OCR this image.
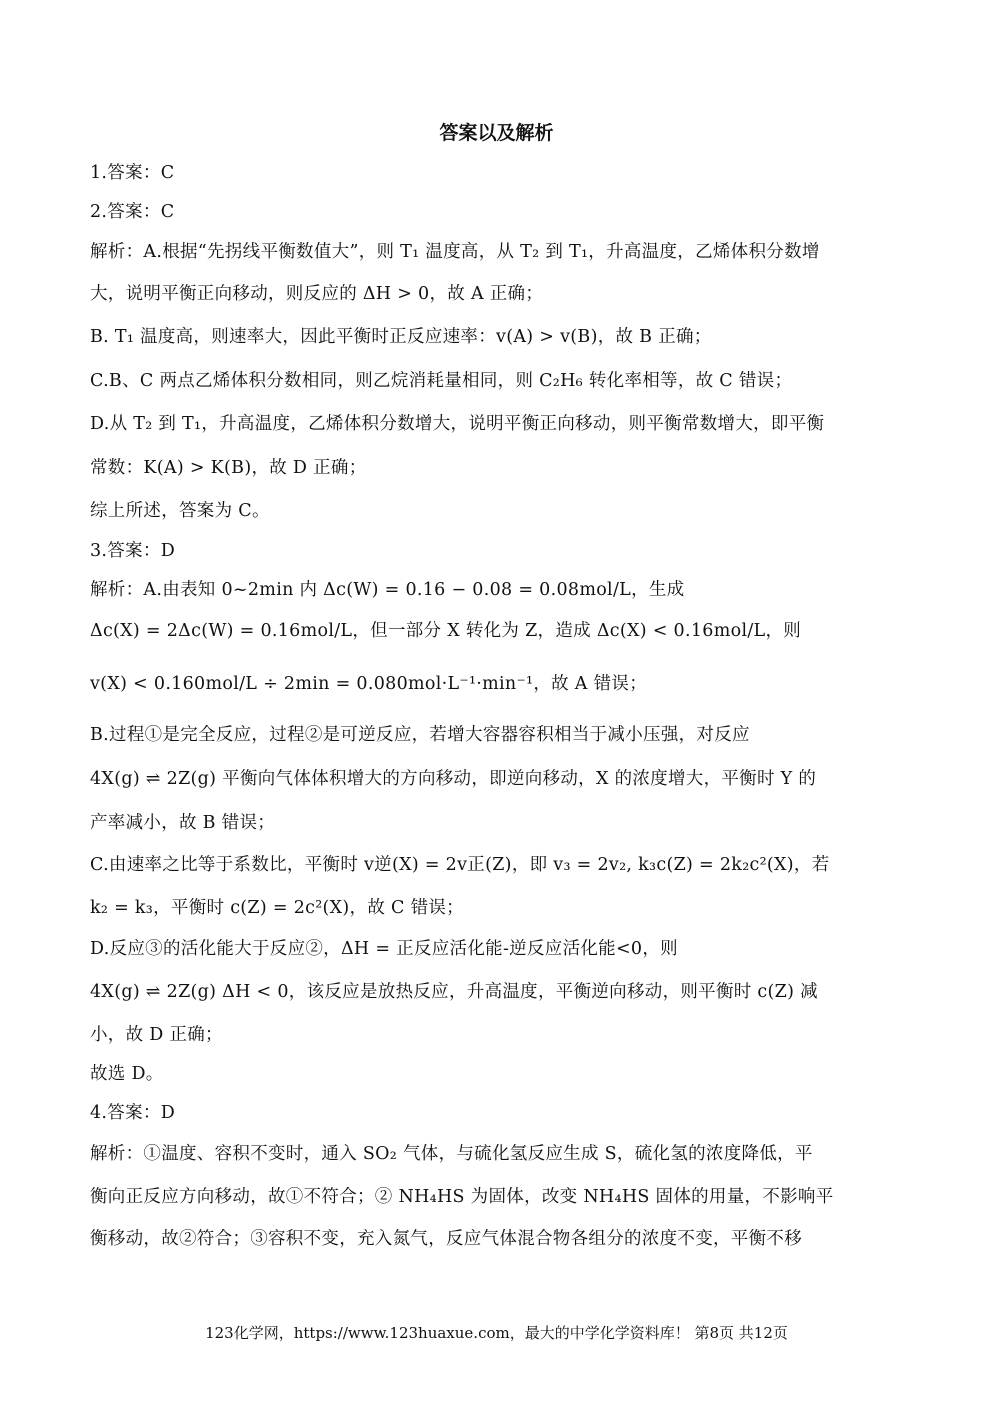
答案以及解析
1.答案：C
2.答案：C
解析：A.根据“先拐线平衡数值大”，则 T₁ 温度高，从 T₂ 到 T₁，升高温度，乙烯体积分数增
大，说明平衡正向移动，则反应的 ΔH > 0，故 A 正确；
B. T₁ 温度高，则速率大，因此平衡时正反应速率：v(A) > v(B)，故 B 正确；
C.B、C 两点乙烯体积分数相同，则乙烷消耗量相同，则 C₂H₆ 转化率相等，故 C 错误；
D.从 T₂ 到 T₁，升高温度，乙烯体积分数增大，说明平衡正向移动，则平衡常数增大，即平衡
常数：K(A) > K(B)，故 D 正确；
综上所述，答案为 C。
3.答案：D
解析：A.由表知 0~2min 内 Δc(W) = 0.16 − 0.08 = 0.08mol/L，生成
Δc(X) = 2Δc(W) = 0.16mol/L，但一部分 X 转化为 Z，造成 Δc(X) < 0.16mol/L，则
v(X) < 0.160mol/L ÷ 2min = 0.080mol·L⁻¹·min⁻¹，故 A 错误；
B.过程①是完全反应，过程②是可逆反应，若增大容器容积相当于减小压强，对反应
4X(g) ⇌ 2Z(g) 平衡向气体体积增大的方向移动，即逆向移动，X 的浓度增大，平衡时 Y 的
产率减小，故 B 错误；
C.由速率之比等于系数比，平衡时 v逆(X) = 2v正(Z)，即 v₃ = 2v₂, k₃c(Z) = 2k₂c²(X)，若
k₂ = k₃，平衡时 c(Z) = 2c²(X)，故 C 错误；
D.反应③的活化能大于反应②，ΔH = 正反应活化能-逆反应活化能<0，则
4X(g) ⇌ 2Z(g) ΔH < 0，该反应是放热反应，升高温度，平衡逆向移动，则平衡时 c(Z) 减
小，故 D 正确；
故选 D。
4.答案：D
解析：①温度、容积不变时，通入 SO₂ 气体，与硫化氢反应生成 S，硫化氢的浓度降低，平
衡向正反应方向移动，故①不符合；② NH₄HS 为固体，改变 NH₄HS 固体的用量，不影响平
衡移动，故②符合；③容积不变，充入氮气，反应气体混合物各组分的浓度不变，平衡不移
123化学网，https://www.123huaxue.com，最大的中学化学资料库！ 第8页 共12页
